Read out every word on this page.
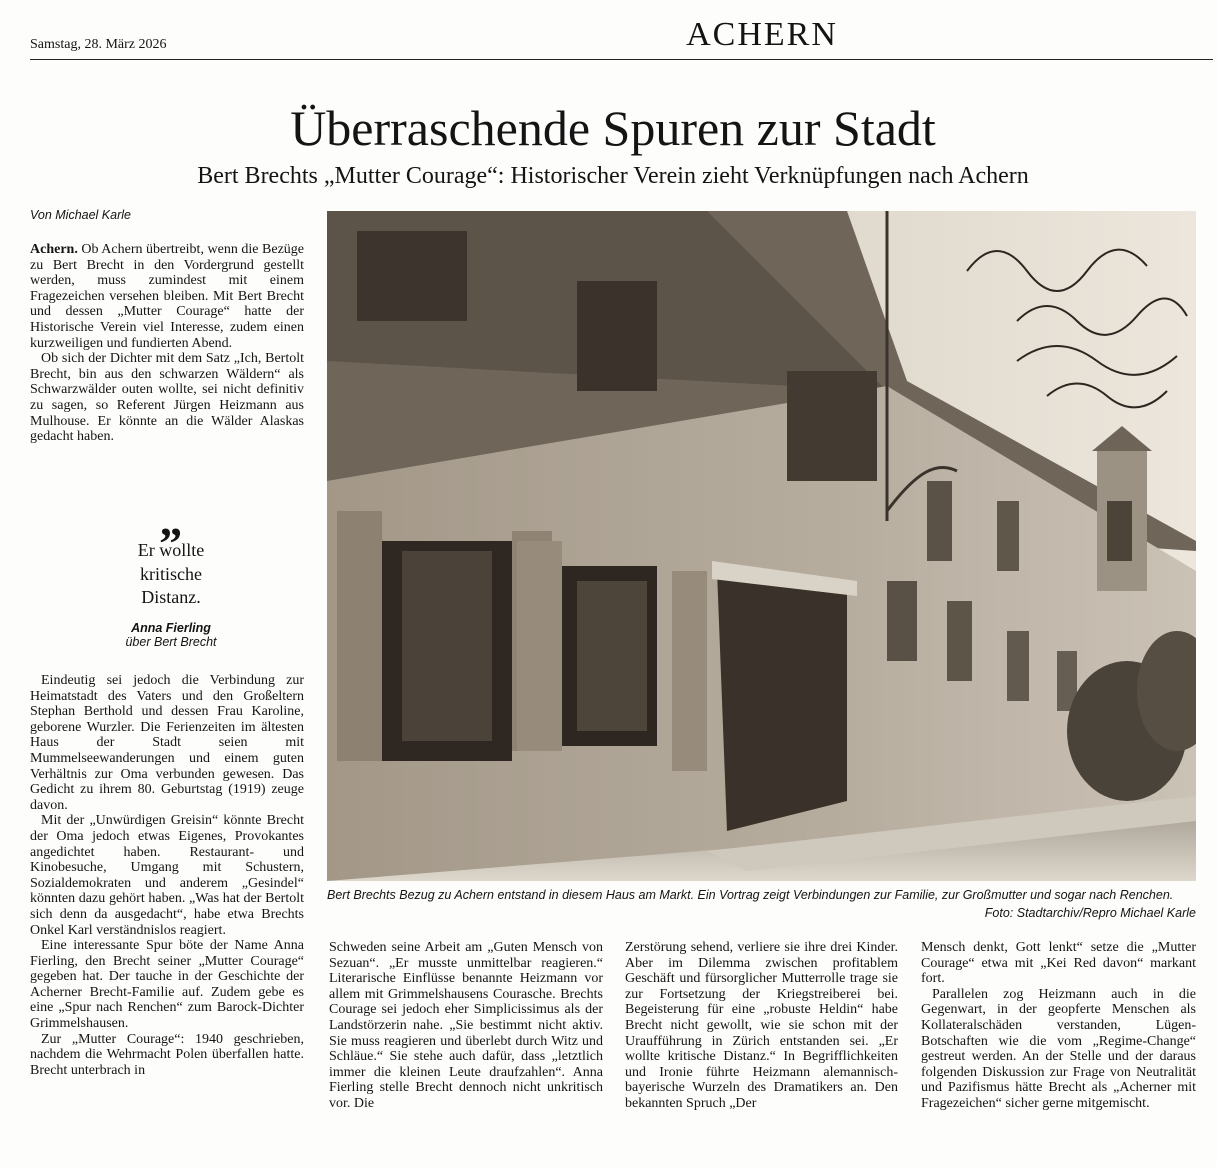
Samstag, 28. März 2026	ACHERN
Überraschende Spuren zur Stadt
Bert Brechts „Mutter Courage“: Historischer Verein zieht Verknüpfungen nach Achern
Von Michael Karle

Achern. Ob Achern übertreibt, wenn die Bezüge zu Bert Brecht in den Vordergrund gestellt werden, muss zumindest mit einem Fragezeichen versehen bleiben. Mit Bert Brecht und dessen „Mutter Courage“ hatte der Historische Verein viel Interesse, zudem einen kurzweiligen und fundierten Abend.

Ob sich der Dichter mit dem Satz „Ich, Bertolt Brecht, bin aus den schwarzen Wäldern“ als Schwarzwälder outen wollte, sei nicht definitiv zu sagen, so Referent Jürgen Heizmann aus Mulhouse. Er könnte an die Wälder Alaskas gedacht haben.

„
Er wollte kritische Distanz.
Anna Fierling
über Bert Brecht

Eindeutig sei jedoch die Verbindung zur Heimatstadt des Vaters und den Großeltern Stephan Berthold und dessen Frau Karoline, geborene Wurzler. Die Ferienzeiten im ältesten Haus der Stadt seien mit Mummelseewanderungen und einem guten Verhältnis zur Oma verbunden gewesen. Das Gedicht zu ihrem 80. Geburtstag (1919) zeuge davon.

Mit der „Unwürdigen Greisin“ könnte Brecht der Oma jedoch etwas Eigenes, Provokantes angedichtet haben. Restaurant- und Kinobesuche, Umgang mit Schustern, Sozialdemokraten und anderem „Gesindel“ könnten dazu gehört haben. „Was hat der Bertolt sich denn da ausgedacht“, habe etwa Brechts Onkel Karl verständnislos reagiert.

Eine interessante Spur böte der Name Anna Fierling, den Brecht seiner „Mutter Courage“ gegeben hat. Der tauche in der Geschichte der Acherner Brecht-Familie auf. Zudem gebe es eine „Spur nach Renchen“ zum Barock-Dichter Grimmelshausen.

Zur „Mutter Courage“: 1940 geschrieben, nachdem die Wehrmacht Polen überfallen hatte. Brecht unterbrach in

Bert Brechts Bezug zu Achern entstand in diesem Haus am Markt. Ein Vortrag zeigt Verbindungen zur Familie, zur Großmutter und sogar nach Renchen.
Foto: Stadtarchiv/Repro Michael Karle

Schweden seine Arbeit am „Guten Mensch von Sezuan“. „Er musste unmittelbar reagieren.“ Literarische Einflüsse benannte Heizmann vor allem mit Grimmelshausens Courasche. Brechts Courage sei jedoch eher Simplicissimus als der Landstörzerin nahe. „Sie bestimmt nicht aktiv. Sie muss reagieren und überlebt durch Witz und Schläue.“ Sie stehe auch dafür, dass „letztlich immer die kleinen Leute draufzahlen“. Anna Fierling stelle Brecht dennoch nicht unkritisch vor. Die

Zerstörung sehend, verliere sie ihre drei Kinder. Aber im Dilemma zwischen profitablem Geschäft und fürsorglicher Mutterrolle trage sie zur Fortsetzung der Kriegstreiberei bei. Begeisterung für eine „robuste Heldin“ habe Brecht nicht gewollt, wie sie schon mit der Uraufführung in Zürich entstanden sei. „Er wollte kritische Distanz.“ In Begrifflichkeiten und Ironie führte Heizmann alemannisch-bayerische Wurzeln des Dramatikers an. Den bekannten Spruch „Der

Mensch denkt, Gott lenkt“ setze die „Mutter Courage“ etwa mit „Kei Red davon“ markant fort.

Parallelen zog Heizmann auch in die Gegenwart, in der geopferte Menschen als Kollateralschäden verstanden, Lügen-Botschaften wie die vom „Regime-Change“ gestreut werden. An der Stelle und der daraus folgenden Diskussion zur Frage von Neutralität und Pazifismus hätte Brecht als „Acherner mit Fragezeichen“ sicher gerne mitgemischt.
